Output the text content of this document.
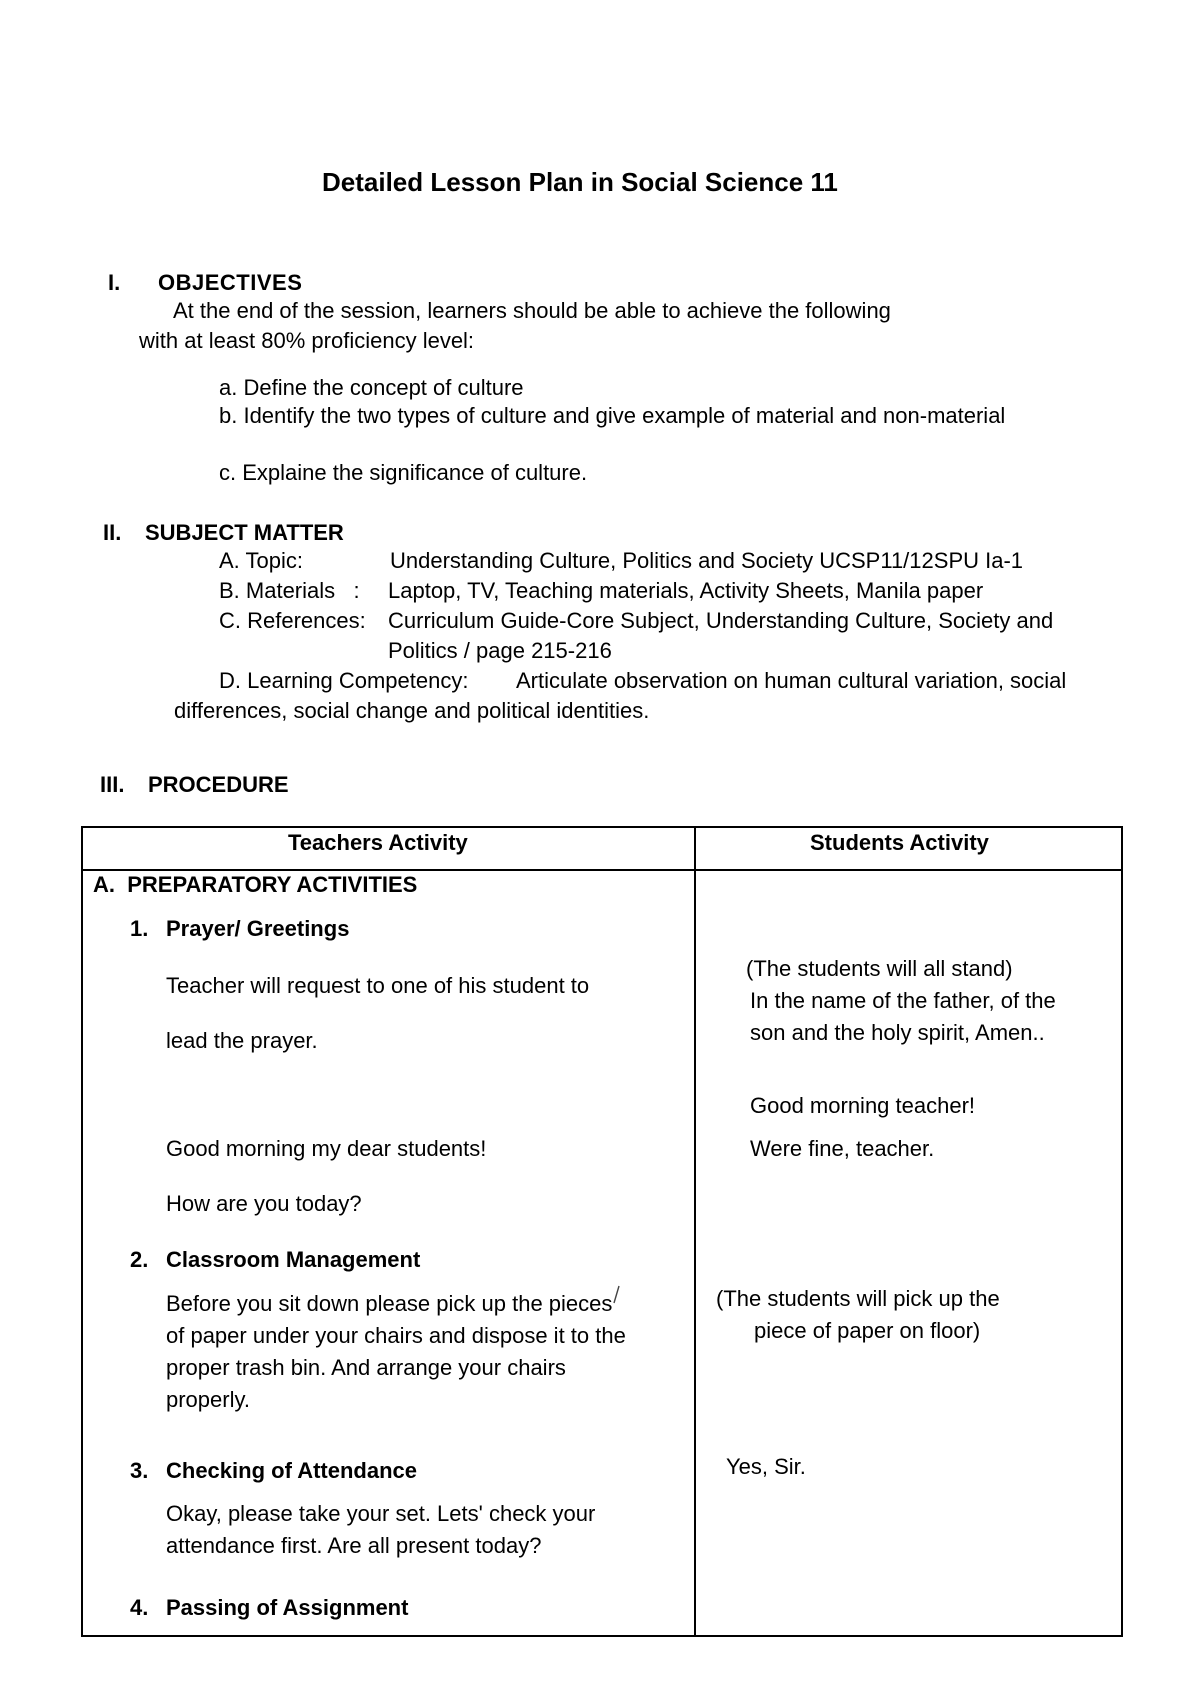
Detailed Lesson Plan in Social Science 11
I. OBJECTIVES
At the end of the session, learners should be able to achieve the following
with at least 80% proficiency level:
a. Define the concept of culture
b. Identify the two types of culture and give example of material and non-material
c. Explaine the significance of culture.
II. SUBJECT MATTER
A. Topic:	Understanding Culture, Politics and Society UCSP11/12SPU Ia-1
B. Materials   : Laptop, TV, Teaching materials, Activity Sheets, Manila paper
C. References: Curriculum Guide-Core Subject, Understanding Culture, Society and
Politics / page 215-216
D. Learning Competency: Articulate observation on human cultural variation, social
differences, social change and political identities.
III. PROCEDURE
Teachers Activity	Students Activity
A.  PREPARATORY ACTIVITIES
1. Prayer/ Greetings
Teacher will request to one of his student to
lead the prayer.
Good morning my dear students!
How are you today?
(The students will all stand)
In the name of the father, of the
son and the holy spirit, Amen..
Good morning teacher!
Were fine, teacher.
2. Classroom Management
Before you sit down please pick up the pieces
of paper under your chairs and dispose it to the
proper trash bin. And arrange your chairs
properly.
(The students will pick up the
piece of paper on floor)
3. Checking of Attendance
Okay, please take your set. Lets' check your
attendance first. Are all present today?
Yes, Sir.
4. Passing of Assignment
